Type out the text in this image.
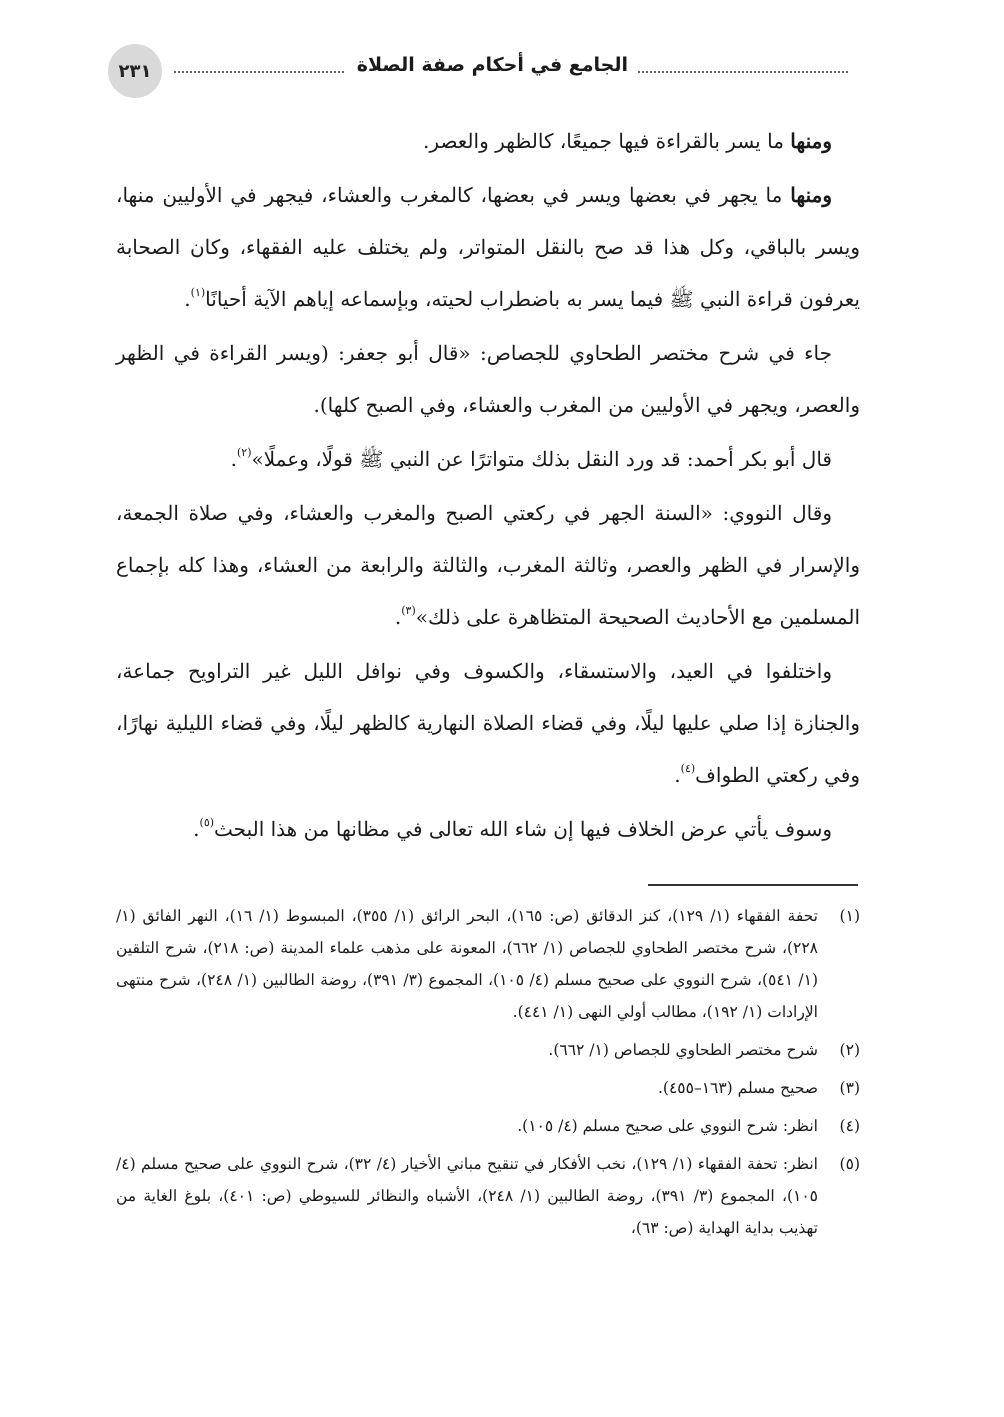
٢٣١	الجامع في أحكام صفة الصلاة

ومنها ما يسر بالقراءة فيها جميعًا، كالظهر والعصر.

ومنها ما يجهر في بعضها ويسر في بعضها، كالمغرب والعشاء، فيجهر في الأوليين منها، ويسر بالباقي، وكل هذا قد صح بالنقل المتواتر، ولم يختلف عليه الفقهاء، وكان الصحابة يعرفون قراءة النبي ﷺ فيما يسر به باضطراب لحيته، وبإسماعه إياهم الآية أحيانًا$^{(١)}$.

جاء في شرح مختصر الطحاوي للجصاص: «قال أبو جعفر: (ويسر القراءة في الظهر والعصر، ويجهر في الأوليين من المغرب والعشاء، وفي الصبح كلها).

قال أبو بكر أحمد: قد ورد النقل بذلك متواترًا عن النبي ﷺ قولًا، وعملًا»$^{(٢)}$.

وقال النووي: «السنة الجهر في ركعتي الصبح والمغرب والعشاء، وفي صلاة الجمعة، والإسرار في الظهر والعصر، وثالثة المغرب، والثالثة والرابعة من العشاء، وهذا كله بإجماع المسلمين مع الأحاديث الصحيحة المتظاهرة على ذلك»$^{(٣)}$.

واختلفوا في العيد، والاستسقاء، والكسوف وفي نوافل الليل غير التراويح جماعة، والجنازة إذا صلي عليها ليلًا، وفي قضاء الصلاة النهارية كالظهر ليلًا، وفي قضاء الليلية نهارًا، وفي ركعتي الطواف$^{(٤)}$.

وسوف يأتي عرض الخلاف فيها إن شاء الله تعالى في مظانها من هذا البحث$^{(٥)}$.

(١)
تحفة الفقهاء (١/ ١٢٩)، كنز الدقائق (ص: ١٦٥)، البحر الرائق (١/ ٣٥٥)، المبسوط (١/ ١٦)، النهر الفائق (١/ ٢٢٨)، شرح مختصر الطحاوي للجصاص (١/ ٦٦٢)، المعونة على مذهب علماء المدينة (ص: ٢١٨)، شرح التلقين (١/ ٥٤١)، شرح النووي على صحيح مسلم (٤/ ١٠٥)، المجموع (٣/ ٣٩١)، روضة الطالبين (١/ ٢٤٨)، شرح منتهى الإرادات (١/ ١٩٢)، مطالب أولي النهى (١/ ٤٤١).
(٢)
شرح مختصر الطحاوي للجصاص (١/ ٦٦٢).
(٣)
صحيح مسلم (١٦٣–٤٥٥).
(٤)
انظر: شرح النووي على صحيح مسلم (٤/ ١٠٥).
(٥)
انظر: تحفة الفقهاء (١/ ١٢٩)، نخب الأفكار في تنقيح مباني الأخيار (٤/ ٣٢)، شرح النووي على صحيح مسلم (٤/ ١٠٥)، المجموع (٣/ ٣٩١)، روضة الطالبين (١/ ٢٤٨)، الأشباه والنظائر للسيوطي (ص: ٤٠١)، بلوغ الغاية من تهذيب بداية الهداية (ص: ٦٣)،
